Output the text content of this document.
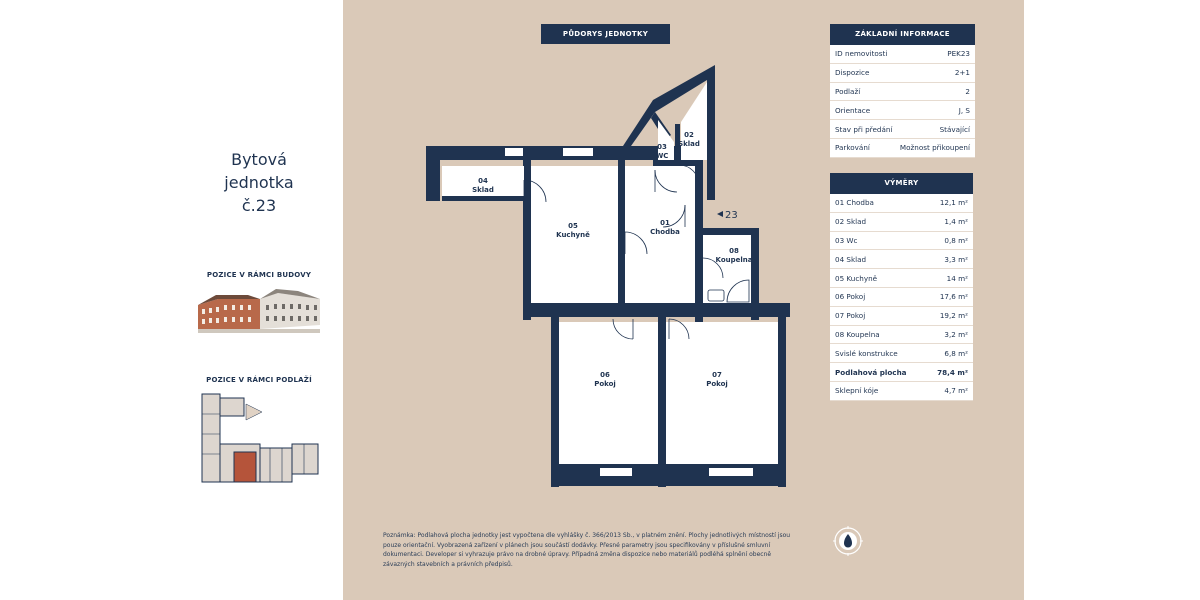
Bytová
jednotka
č.23
POZICE V RÁMCI BUDOVY
POZICE V RÁMCI PODLAŽÍ
PŮDORYS JEDNOTKY
04 Sklad
05 Kuchyně
01 Chodba
02 Sklad
03 WC
08 Koupelna
06 Pokoj
07 Pokoj
23
ZÁKLADNÍ INFORMACE
ID nemovitosti	PEK23
Dispozice	2+1
Podlaží	2
Orientace	J, S
Stav při předání	Stávající
Parkování	Možnost přikoupení
VÝMĚRY
01 Chodba	12,1 m²
02 Sklad	1,4 m²
03 Wc	0,8 m²
04 Sklad	3,3 m²
05 Kuchyně	14 m²
06 Pokoj	17,6 m²
07 Pokoj	19,2 m²
08 Koupelna	3,2 m²
Svislé konstrukce	6,8 m²
Podlahová plocha	78,4 m²
Sklepní kóje	4,7 m²
Poznámka: Podlahová plocha jednotky jest vypočtena dle vyhlášky č. 366/2013 Sb., v platném znění. Plochy jednotlivých místností jsou pouze orientační. Vyobrazená zařízení v plánech jsou součástí dodávky. Přesné parametry jsou specifikovány v příslušné smluvní dokumentaci. Developer si vyhrazuje právo na drobné úpravy. Případná změna dispozice nebo materiálů podléhá splnění obecně závazných stavebních a právních předpisů.
